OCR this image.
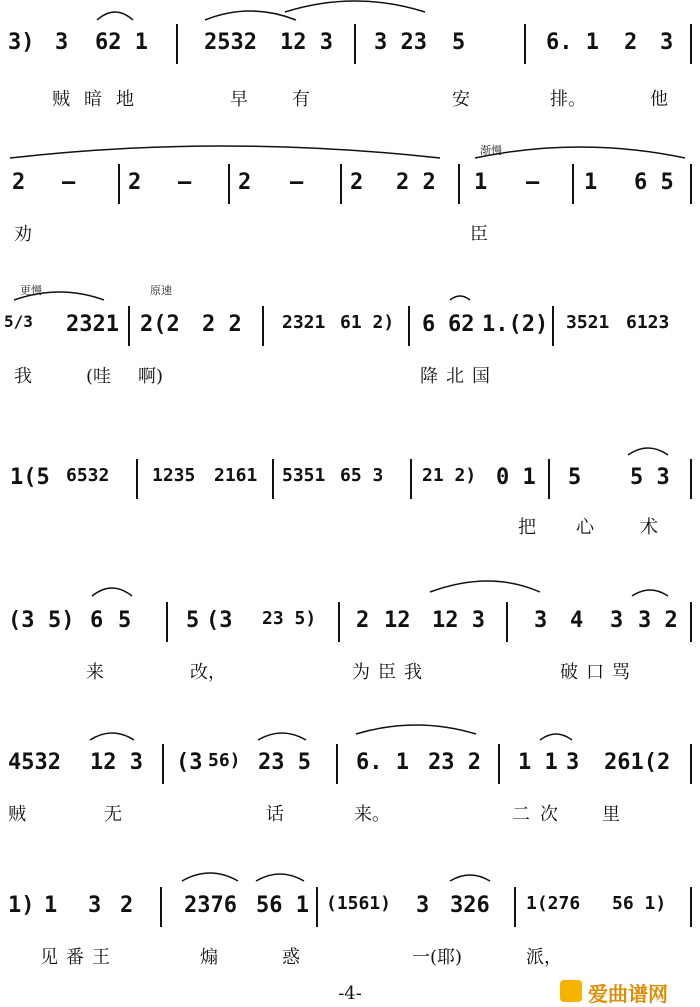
3) 3 62 1	2532 12 3 3 23 5	6. 1 2 3
贼暗地	早 有	安	排。	他
渐慢
2 – 2 – 2 – 2 2 2 1 – 1 6 5
劝	臣
更慢	原速
5/3 2321 2(2 2 2 2321 61 2) 6 62 1.(2) 3521 6123
我	(哇 啊)	降北国
1(5 6532 1235 2161 5351 65 3 21 2) 0 1 5 5 3
把 心	术
(3 5) 6 5 5 (3 23 5) 2 12 12 3 3 4 3 3 2
来	改，	为臣我	破口骂
4532 12 3 (3 56) 23 5 6. 1 23 2 1 1 3 261(2
贼	无	话	来。	二次 里
1) 1 3 2 2376 56 1 (1561) 3 326 1(276 56 1)
见番王	煽	惑	一(耶)	派，
-4-	爱曲谱网
